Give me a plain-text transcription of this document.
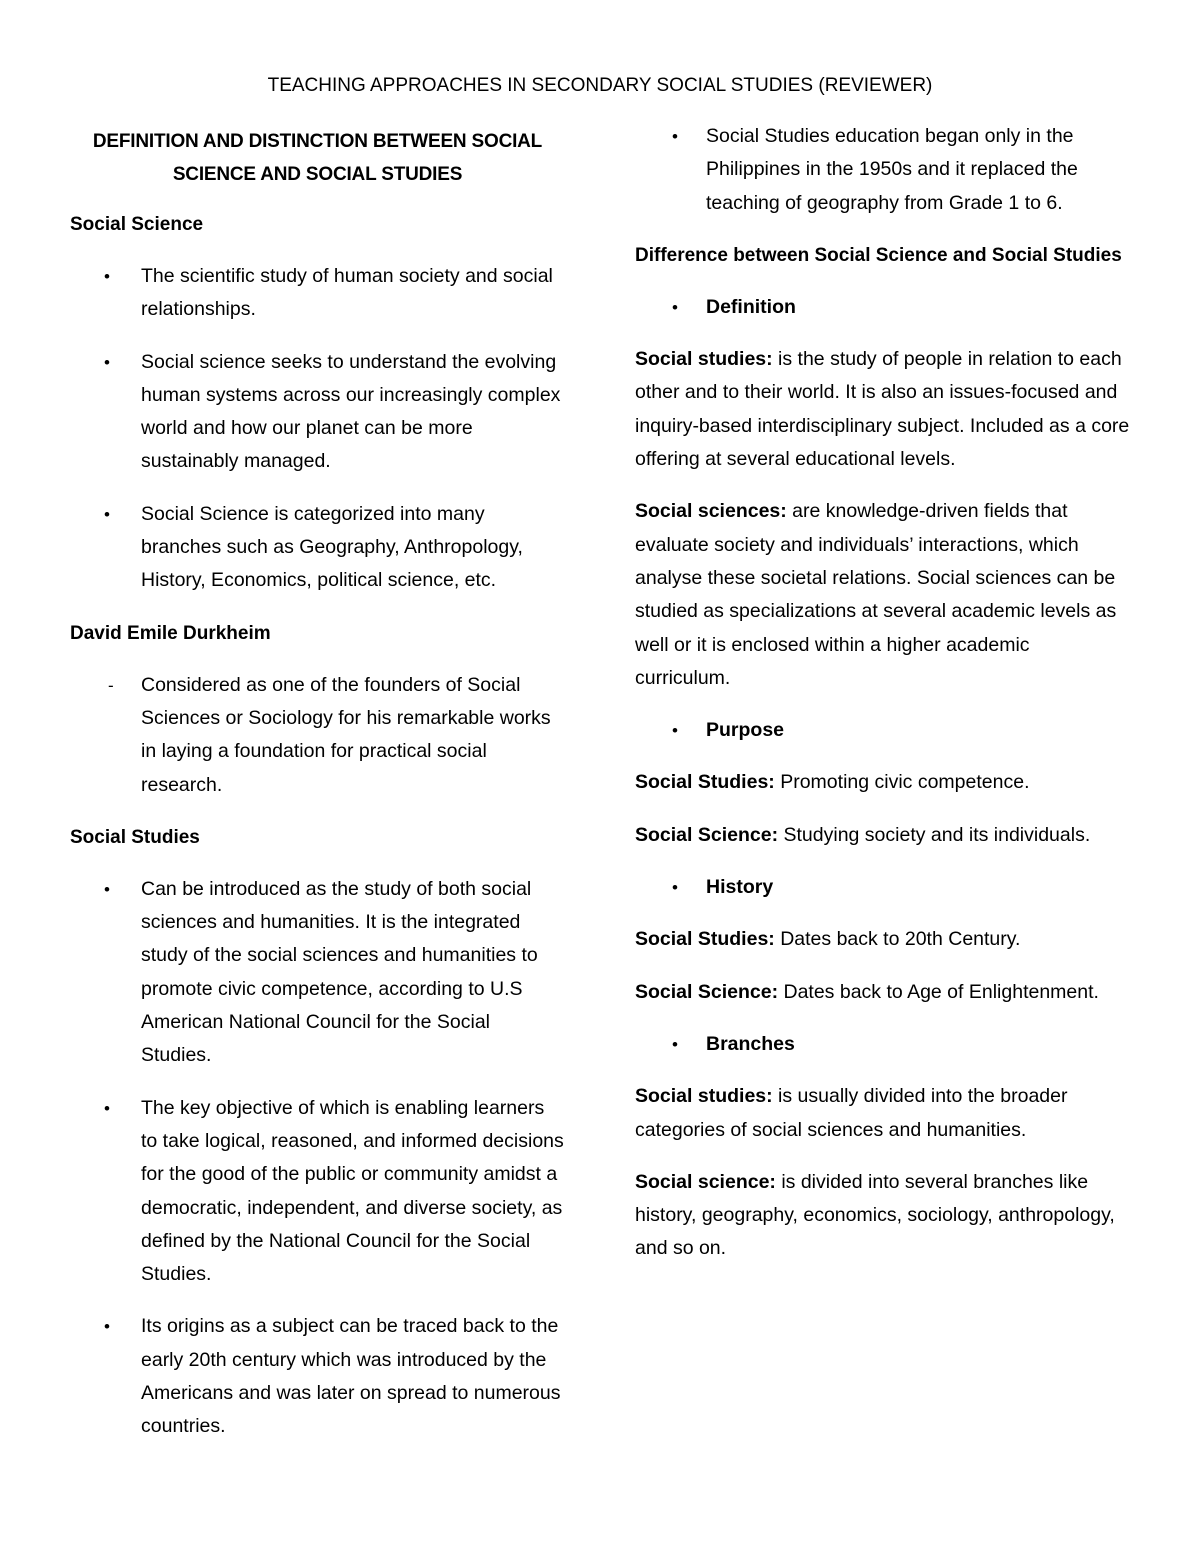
TEACHING APPROACHES IN SECONDARY SOCIAL STUDIES (REVIEWER)
DEFINITION AND DISTINCTION BETWEEN SOCIAL
SCIENCE AND SOCIAL STUDIES
Social Science
•	The scientific study of human society and social relationships.
•	Social science seeks to understand the evolving human systems across our increasingly complex world and how our planet can be more sustainably managed.
•	Social Science is categorized into many branches such as Geography, Anthropology, History, Economics, political science, etc.
David Emile Durkheim
-	Considered as one of the founders of Social Sciences or Sociology for his remarkable works in laying a foundation for practical social research.
Social Studies
•	Can be introduced as the study of both social sciences and humanities. It is the integrated study of the social sciences and humanities to promote civic competence, according to U.S American National Council for the Social Studies.
•	The key objective of which is enabling learners to take logical, reasoned, and informed decisions for the good of the public or community amidst a democratic, independent, and diverse society, as defined by the National Council for the Social Studies.
•	Its origins as a subject can be traced back to the early 20th century which was introduced by the Americans and was later on spread to numerous countries.
•	Social Studies education began only in the Philippines in the 1950s and it replaced the teaching of geography from Grade 1 to 6.
Difference between Social Science and Social Studies
•	Definition
Social studies: is the study of people in relation to each other and to their world. It is also an issues-focused and inquiry-based interdisciplinary subject. Included as a core offering at several educational levels.
Social sciences: are knowledge-driven fields that evaluate society and individuals’ interactions, which analyse these societal relations. Social sciences can be studied as specializations at several academic levels as well or it is enclosed within a higher academic curriculum.
•	Purpose
Social Studies: Promoting civic competence.
Social Science: Studying society and its individuals.
•	History
Social Studies: Dates back to 20th Century.
Social Science: Dates back to Age of Enlightenment.
•	Branches
Social studies: is usually divided into the broader categories of social sciences and humanities.
Social science: is divided into several branches like history, geography, economics, sociology, anthropology, and so on.
